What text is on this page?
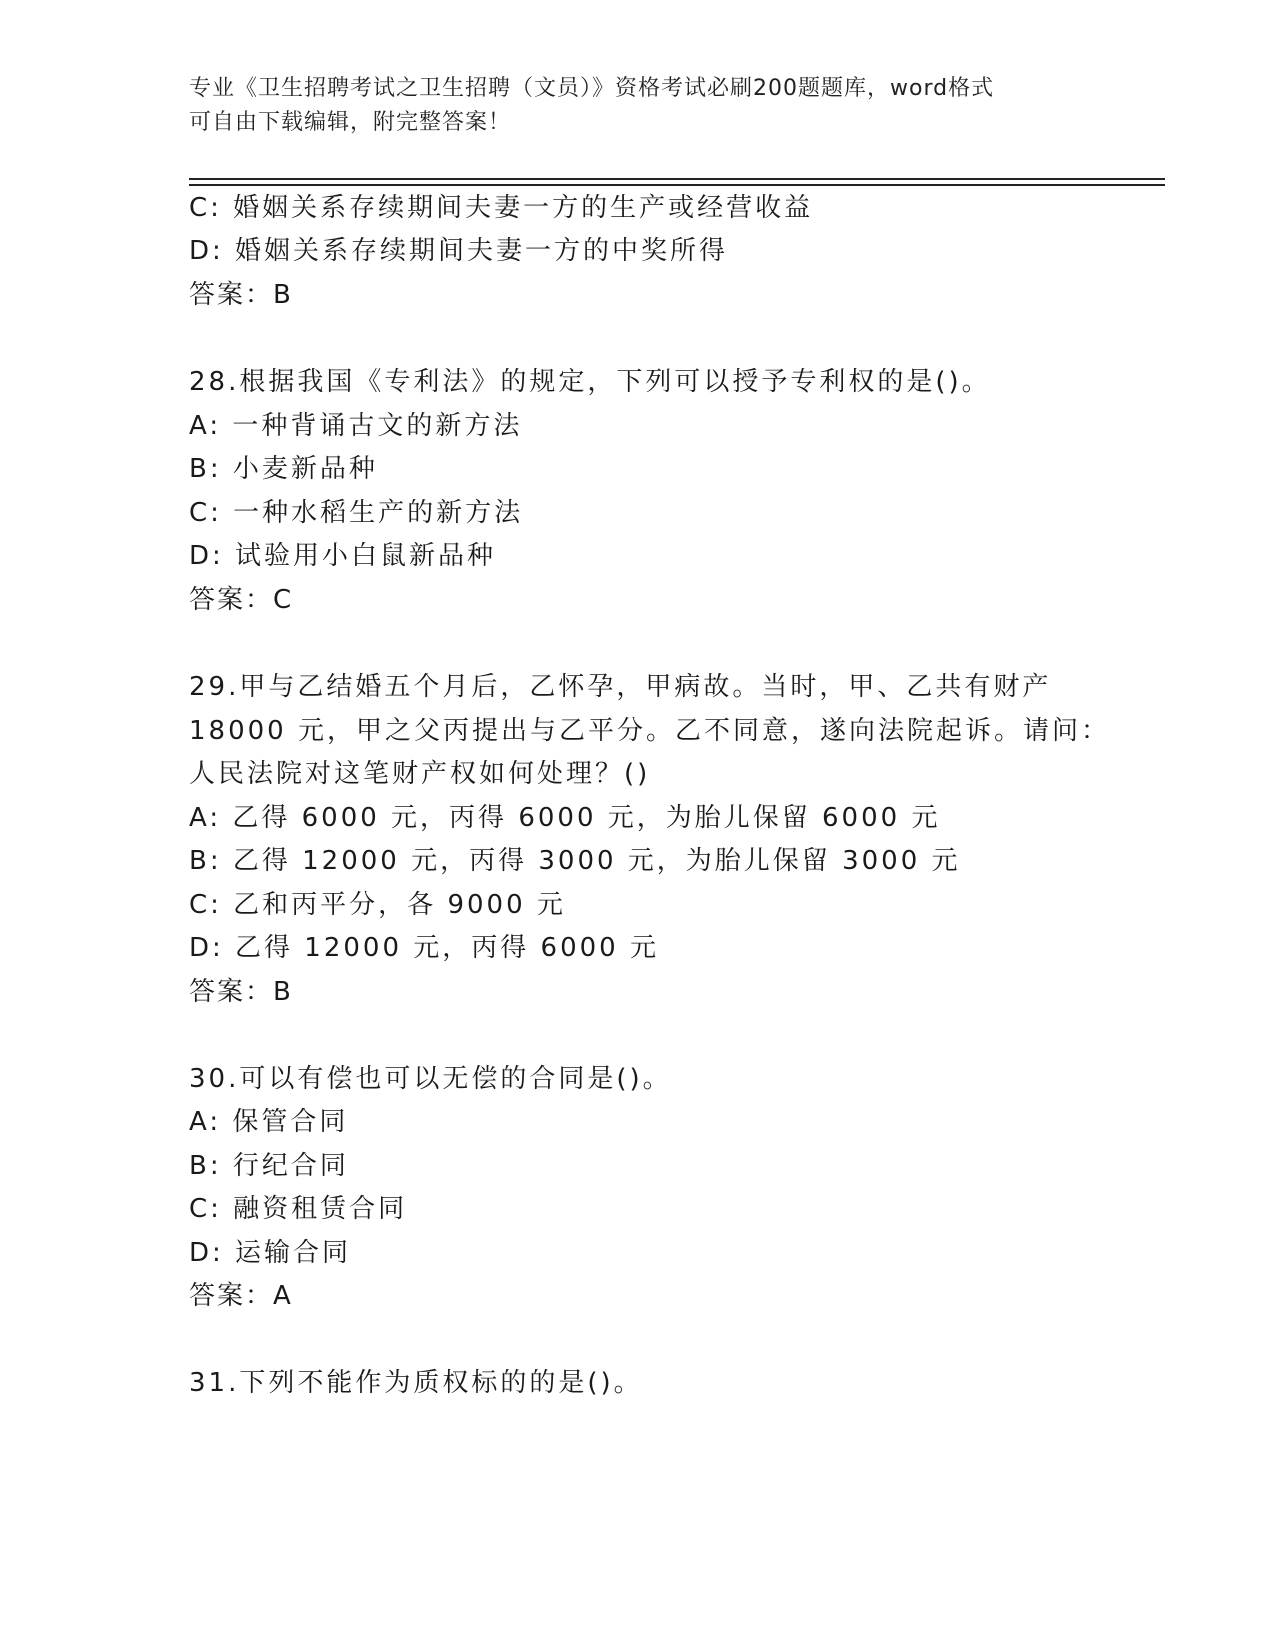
专业《卫生招聘考试之卫生招聘（文员）》资格考试必刷200题题库，word格式
可自由下载编辑，附完整答案！
C: 婚姻关系存续期间夫妻一方的生产或经营收益
D: 婚姻关系存续期间夫妻一方的中奖所得
答案：B
28.根据我国《专利法》的规定，下列可以授予专利权的是()。
A: 一种背诵古文的新方法
B: 小麦新品种
C: 一种水稻生产的新方法
D: 试验用小白鼠新品种
答案：C
29.甲与乙结婚五个月后，乙怀孕，甲病故。当时，甲、乙共有财产
18000 元，甲之父丙提出与乙平分。乙不同意，遂向法院起诉。请问：
人民法院对这笔财产权如何处理？()
A: 乙得 6000 元，丙得 6000 元，为胎儿保留 6000 元
B: 乙得 12000 元，丙得 3000 元，为胎儿保留 3000 元
C: 乙和丙平分，各 9000 元
D: 乙得 12000 元，丙得 6000 元
答案：B
30.可以有偿也可以无偿的合同是()。
A: 保管合同
B: 行纪合同
C: 融资租赁合同
D: 运输合同
答案：A
31.下列不能作为质权标的的是()。
